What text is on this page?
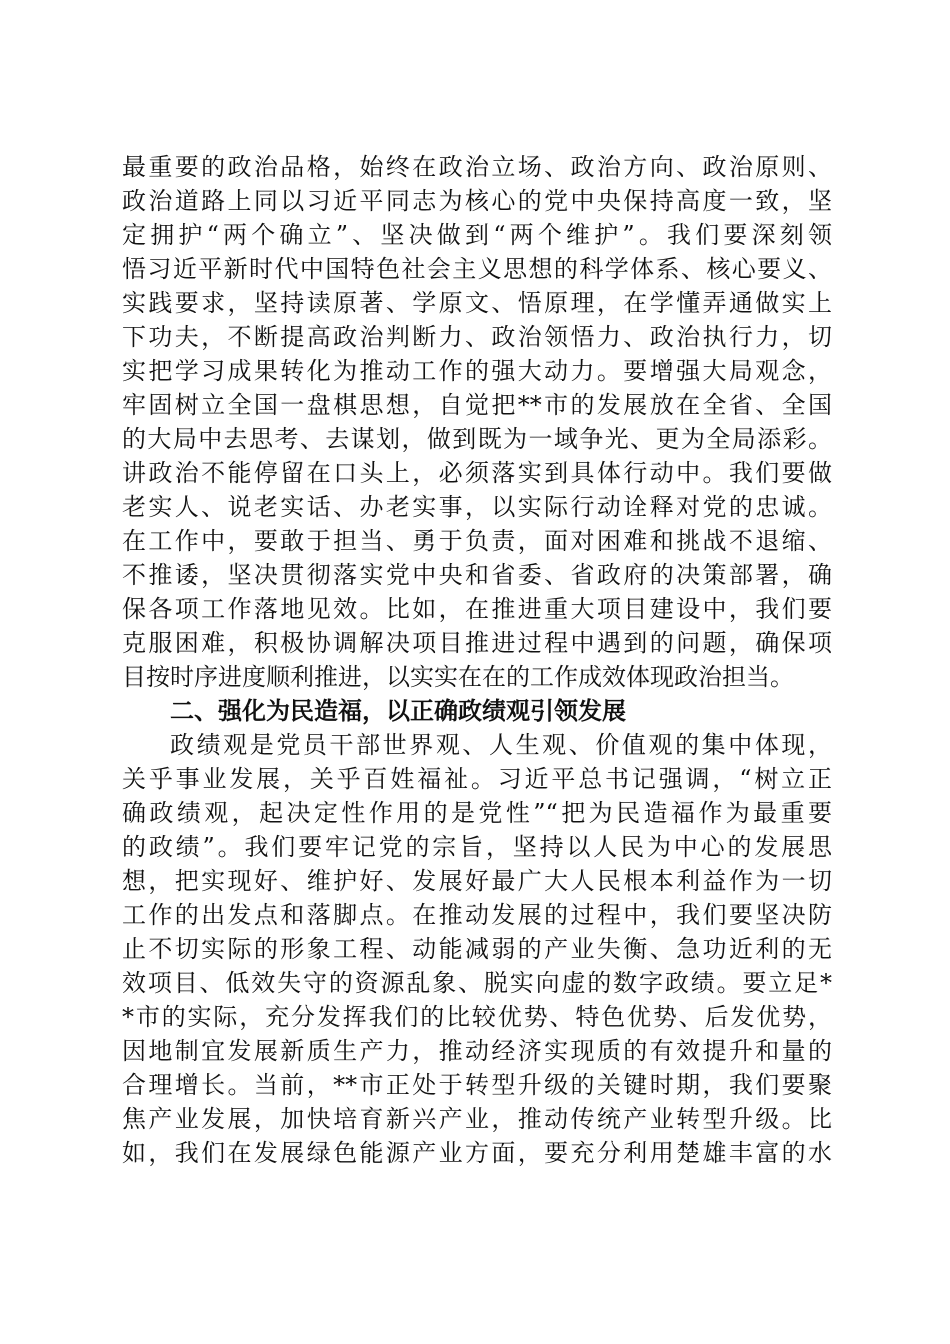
最重要的政治品格，始终在政治立场、政治方向、政治原则、
政治道路上同以习近平同志为核心的党中央保持高度一致，坚
定拥护“两个确立”、坚决做到“两个维护”。我们要深刻领
悟习近平新时代中国特色社会主义思想的科学体系、核心要义、
实践要求，坚持读原著、学原文、悟原理，在学懂弄通做实上
下功夫，不断提高政治判断力、政治领悟力、政治执行力，切
实把学习成果转化为推动工作的强大动力。要增强大局观念，
牢固树立全国一盘棋思想，自觉把**市的发展放在全省、全国
的大局中去思考、去谋划，做到既为一域争光、更为全局添彩。
讲政治不能停留在口头上，必须落实到具体行动中。我们要做
老实人、说老实话、办老实事，以实际行动诠释对党的忠诚。
在工作中，要敢于担当、勇于负责，面对困难和挑战不退缩、
不推诿，坚决贯彻落实党中央和省委、省政府的决策部署，确
保各项工作落地见效。比如，在推进重大项目建设中，我们要
克服困难，积极协调解决项目推进过程中遇到的问题，确保项
目按时序进度顺利推进，以实实在在的工作成效体现政治担当。
二、强化为民造福，以正确政绩观引领发展
政绩观是党员干部世界观、人生观、价值观的集中体现，
关乎事业发展，关乎百姓福祉。习近平总书记强调，“树立正
确政绩观，起决定性作用的是党性”“把为民造福作为最重要
的政绩”。我们要牢记党的宗旨，坚持以人民为中心的发展思
想，把实现好、维护好、发展好最广大人民根本利益作为一切
工作的出发点和落脚点。在推动发展的过程中，我们要坚决防
止不切实际的形象工程、动能减弱的产业失衡、急功近利的无
效项目、低效失守的资源乱象、脱实向虚的数字政绩。要立足*
*市的实际，充分发挥我们的比较优势、特色优势、后发优势，
因地制宜发展新质生产力，推动经济实现质的有效提升和量的
合理增长。当前，**市正处于转型升级的关键时期，我们要聚
焦产业发展，加快培育新兴产业，推动传统产业转型升级。比
如，我们在发展绿色能源产业方面，要充分利用楚雄丰富的水
